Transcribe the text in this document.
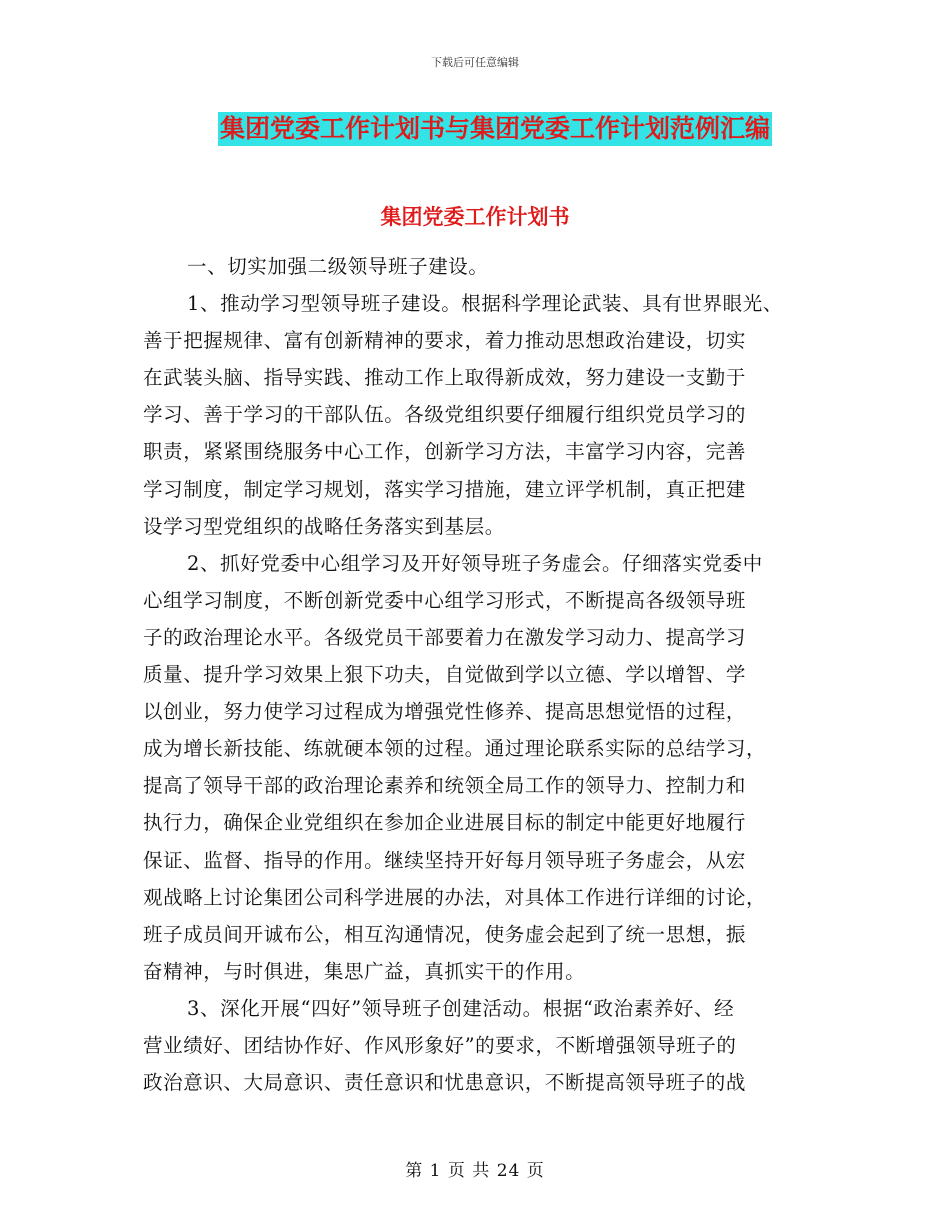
下载后可任意编辑
集团党委工作计划书与集团党委工作计划范例汇编
集团党委工作计划书
一、切实加强二级领导班子建设。
1、推动学习型领导班子建设。根据科学理论武装、具有世界眼光、
善于把握规律、富有创新精神的要求，着力推动思想政治建设，切实
在武装头脑、指导实践、推动工作上取得新成效，努力建设一支勤于
学习、善于学习的干部队伍。各级党组织要仔细履行组织党员学习的
职责，紧紧围绕服务中心工作，创新学习方法，丰富学习内容，完善
学习制度，制定学习规划，落实学习措施，建立评学机制，真正把建
设学习型党组织的战略任务落实到基层。
2、抓好党委中心组学习及开好领导班子务虚会。仔细落实党委中
心组学习制度，不断创新党委中心组学习形式，不断提高各级领导班
子的政治理论水平。各级党员干部要着力在激发学习动力、提高学习
质量、提升学习效果上狠下功夫，自觉做到学以立德、学以增智、学
以创业，努力使学习过程成为增强党性修养、提高思想觉悟的过程，
成为增长新技能、练就硬本领的过程。通过理论联系实际的总结学习，
提高了领导干部的政治理论素养和统领全局工作的领导力、控制力和
执行力，确保企业党组织在参加企业进展目标的制定中能更好地履行
保证、监督、指导的作用。继续坚持开好每月领导班子务虚会，从宏
观战略上讨论集团公司科学进展的办法，对具体工作进行详细的讨论，
班子成员间开诚布公，相互沟通情况，使务虚会起到了统一思想，振
奋精神，与时俱进，集思广益，真抓实干的作用。
3、深化开展“四好”领导班子创建活动。根据“政治素养好、经
营业绩好、团结协作好、作风形象好”的要求，不断增强领导班子的
政治意识、大局意识、责任意识和忧患意识，不断提高领导班子的战
第 1 页 共 24 页
